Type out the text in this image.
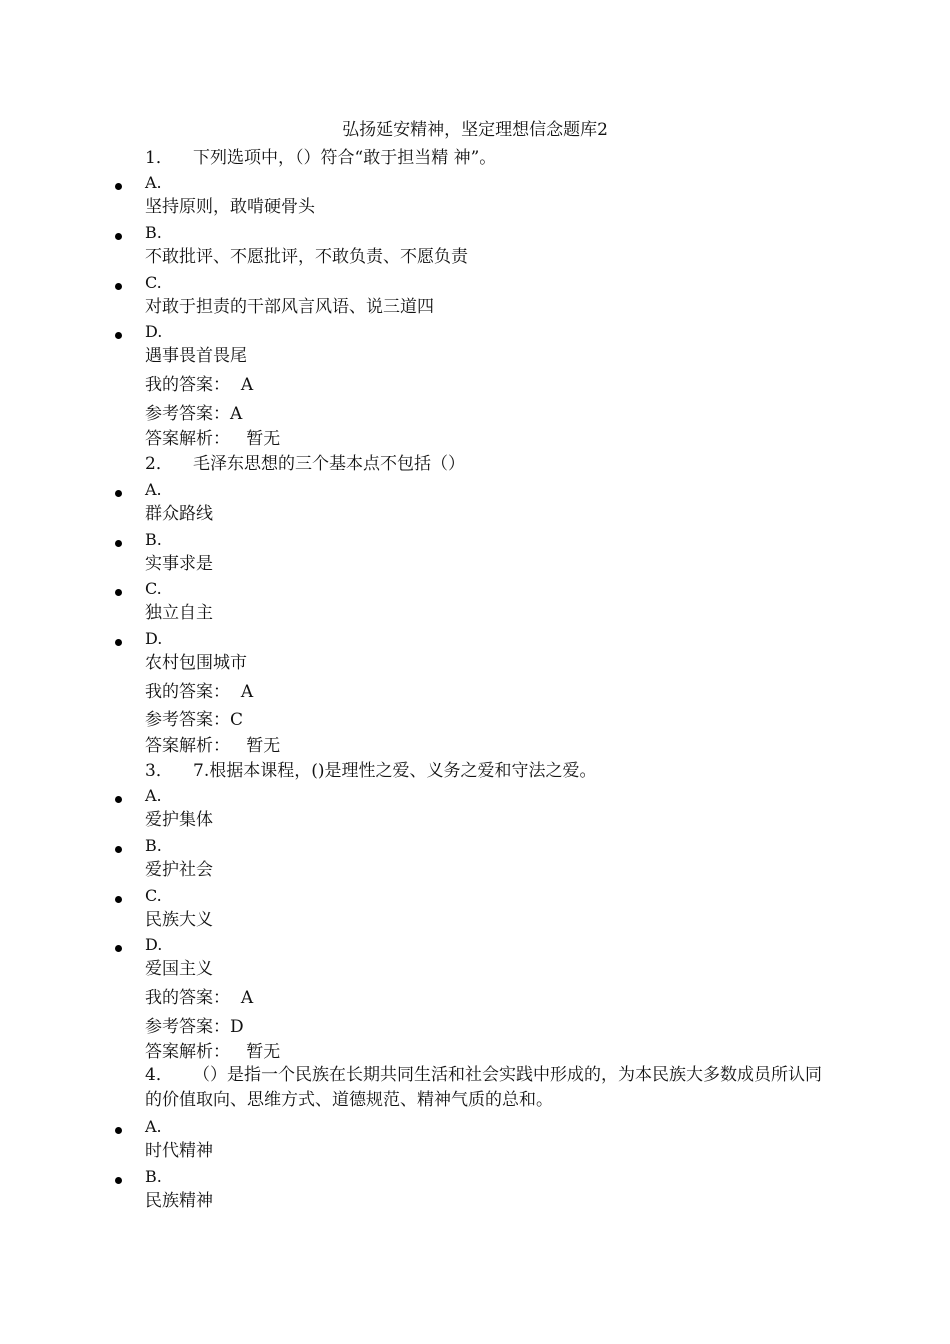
弘扬延安精神，坚定理想信念题库2
1． 下列选项中，（）符合“敢于担当精 神”。
A.
坚持原则，敢啃硬骨头
B.
不敢批评、不愿批评，不敢负责、不愿负责
C.
对敢于担责的干部风言风语、说三道四
D.
遇事畏首畏尾
我的答案： A
参考答案：A
答案解析： 暂无
2． 毛泽东思想的三个基本点不包括（）
A.
群众路线
B.
实事求是
C.
独立自主
D.
农村包围城市
我的答案： A
参考答案：C
答案解析： 暂无
3． 7.根据本课程，()是理性之爱、义务之爱和守法之爱。
A.
爱护集体
B.
爱护社会
C.
民族大义
D.
爱国主义
我的答案： A
参考答案：D
答案解析： 暂无
4． （）是指一个民族在长期共同生活和社会实践中形成的，为本民族大多数成员所认同的价值取向、思维方式、道德规范、精神气质的总和。
A.
时代精神
B.
民族精神
